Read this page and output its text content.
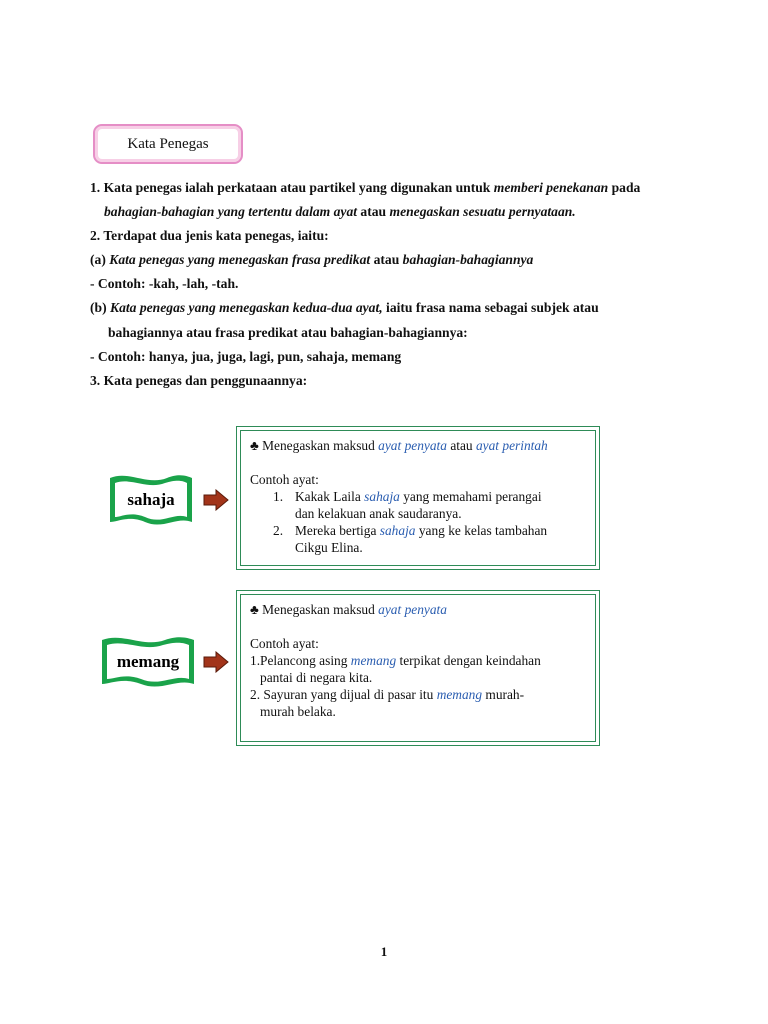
Kata Penegas
1. Kata penegas ialah perkataan atau partikel yang digunakan untuk memberi penekanan pada
bahagian-bahagian yang tertentu dalam ayat atau menegaskan sesuatu pernyataan.
2. Terdapat dua jenis kata penegas, iaitu:
(a) Kata penegas yang menegaskan frasa predikat atau bahagian-bahagiannya
- Contoh: -kah, -lah, -tah.
(b) Kata penegas yang menegaskan kedua-dua ayat, iaitu frasa nama sebagai subjek atau
bahagiannya atau frasa predikat atau bahagian-bahagiannya:
- Contoh: hanya, jua, juga, lagi, pun, sahaja, memang
3. Kata penegas dan penggunaannya:
sahaja
♣ Menegaskan maksud ayat penyata atau ayat perintah
Contoh ayat:
1. Kakak Laila sahaja yang memahami perangai
dan kelakuan anak saudaranya.
2. Mereka bertiga sahaja yang ke kelas tambahan
Cikgu Elina.
memang
♣ Menegaskan maksud ayat penyata
Contoh ayat:
1.Pelancong asing memang terpikat dengan keindahan
pantai di negara kita.
2. Sayuran yang dijual di pasar itu memang murah-
murah belaka.
1
